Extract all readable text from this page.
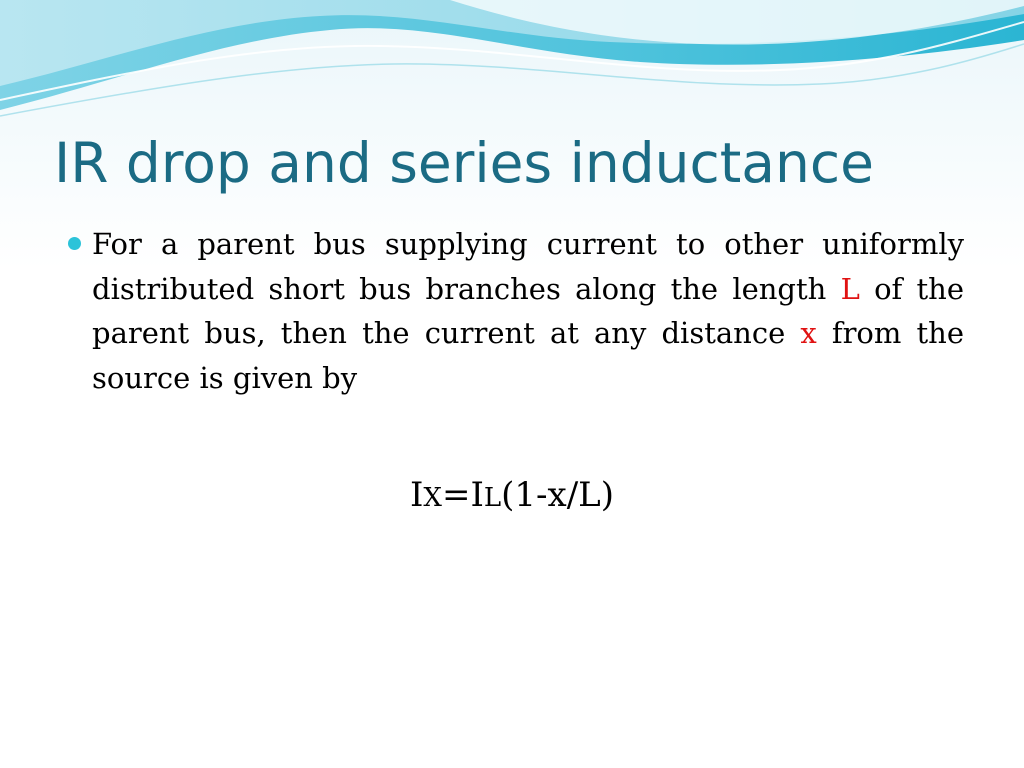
IR drop and series inductance
For a parent bus supplying current to other uniformly distributed short bus branches along the length L of the parent bus, then the current at any distance x from the source is given by
IX=IL(1-x/L)
